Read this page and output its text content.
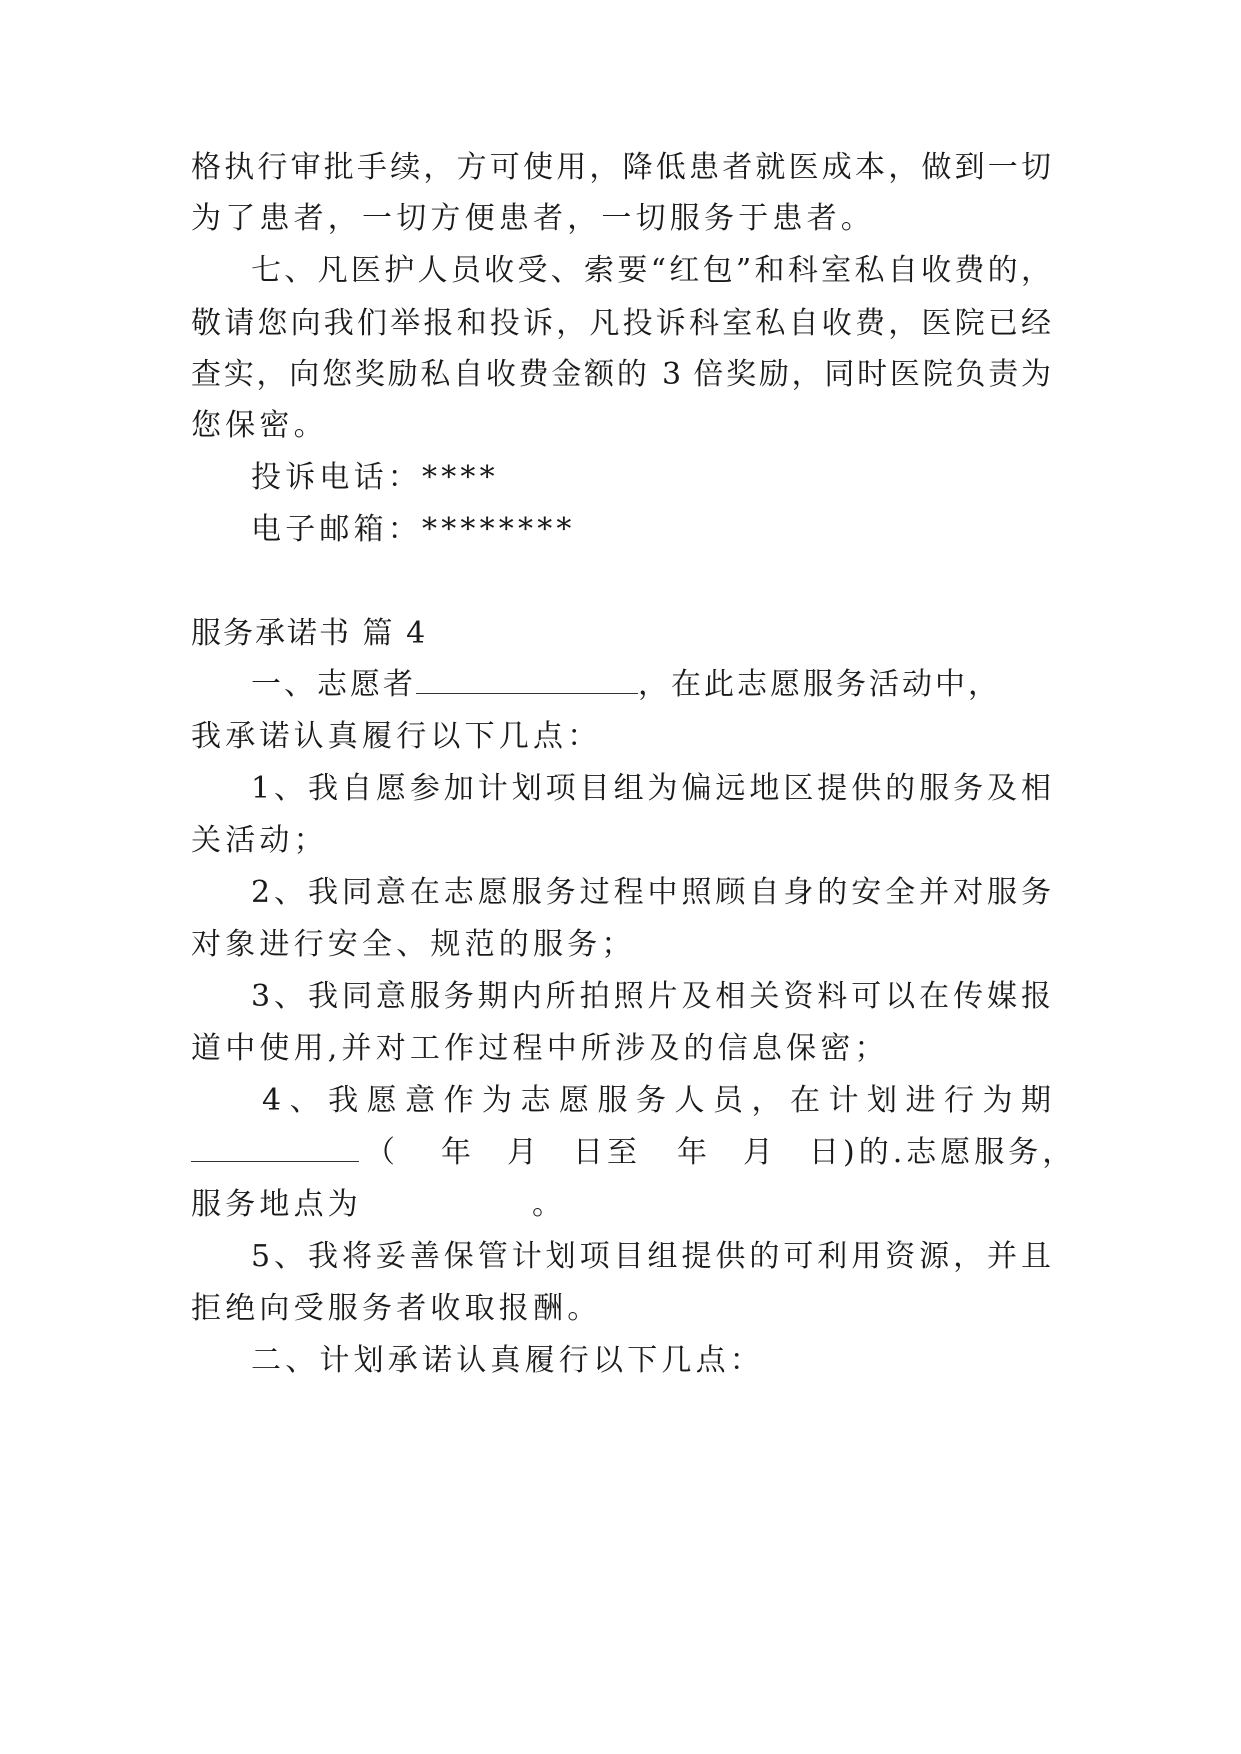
格执行审批手续，方可使用，降低患者就医成本，做到一切
为了患者，一切方便患者，一切服务于患者。
七、凡医护人员收受、索要“红包”和科室私自收费的，
敬请您向我们举报和投诉，凡投诉科室私自收费，医院已经
查实，向您奖励私自收费金额的 3 倍奖励，同时医院负责为
您保密。
投诉电话：****
电子邮箱：********
服务承诺书 篇 4
一、志愿者	，在此志愿服务活动中，
我承诺认真履行以下几点：
1、我自愿参加计划项目组为偏远地区提供的服务及相
关活动；
2、我同意在志愿服务过程中照顾自身的安全并对服务
对象进行安全、规范的服务；
3、我同意服务期内所拍照片及相关资料可以在传媒报
道中使用,并对工作过程中所涉及的信息保密；
4、我愿意作为志愿服务人员，在计划进行为期
（ 年 月 日至 年 月 日)的.志愿服务，
服务地点为	。
5、我将妥善保管计划项目组提供的可利用资源，并且
拒绝向受服务者收取报酬。
二、计划承诺认真履行以下几点：
